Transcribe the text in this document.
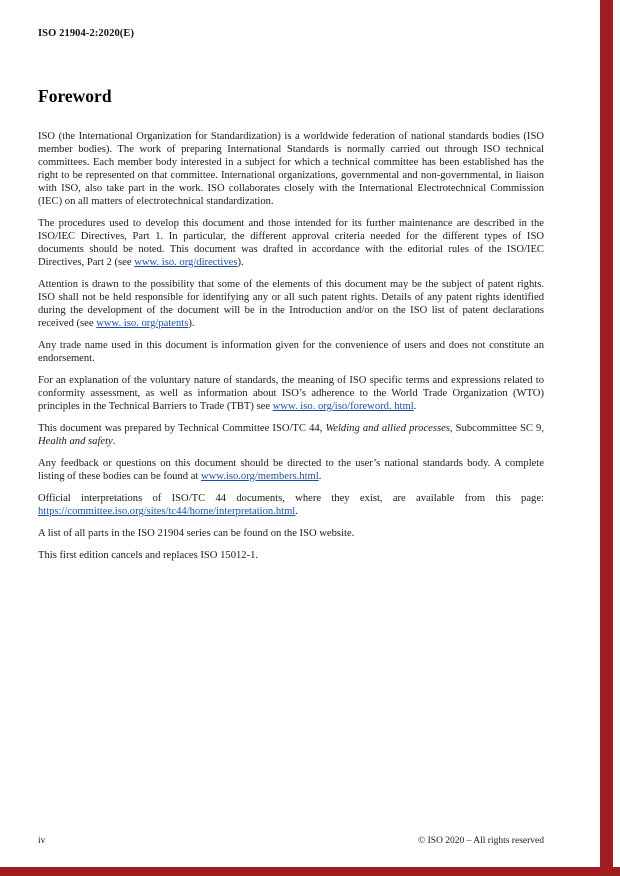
ISO 21904-2:2020(E)
Foreword

ISO (the International Organization for Standardization) is a worldwide federation of national standards bodies (ISO member bodies). The work of preparing International Standards is normally carried out through ISO technical committees. Each member body interested in a subject for which a technical committee has been established has the right to be represented on that committee. International organizations, governmental and non-governmental, in liaison with ISO, also take part in the work. ISO collaborates closely with the International Electrotechnical Commission (IEC) on all matters of electrotechnical standardization.

The procedures used to develop this document and those intended for its further maintenance are described in the ISO/IEC Directives, Part 1. In particular, the different approval criteria needed for the different types of ISO documents should be noted. This document was drafted in accordance with the editorial rules of the ISO/IEC Directives, Part 2 (see www. iso. org/directives).

Attention is drawn to the possibility that some of the elements of this document may be the subject of patent rights. ISO shall not be held responsible for identifying any or all such patent rights. Details of any patent rights identified during the development of the document will be in the Introduction and/or on the ISO list of patent declarations received (see www. iso. org/patents).

Any trade name used in this document is information given for the convenience of users and does not constitute an endorsement.

For an explanation of the voluntary nature of standards, the meaning of ISO specific terms and expressions related to conformity assessment, as well as information about ISO’s adherence to the World Trade Organization (WTO) principles in the Technical Barriers to Trade (TBT) see www. iso. org/iso/foreword. html.

This document was prepared by Technical Committee ISO/TC 44, Welding and allied processes, Subcommittee SC 9, Health and safety.

Any feedback or questions on this document should be directed to the user’s national standards body. A complete listing of these bodies can be found at www.iso.org/members.html.

Official interpretations of ISO/TC 44 documents, where they exist, are available from this page: https://committee.iso.org/sites/tc44/home/interpretation.html.

A list of all parts in the ISO 21904 series can be found on the ISO website.

This first edition cancels and replaces ISO 15012-1.

iv	© ISO 2020 – All rights reserved
